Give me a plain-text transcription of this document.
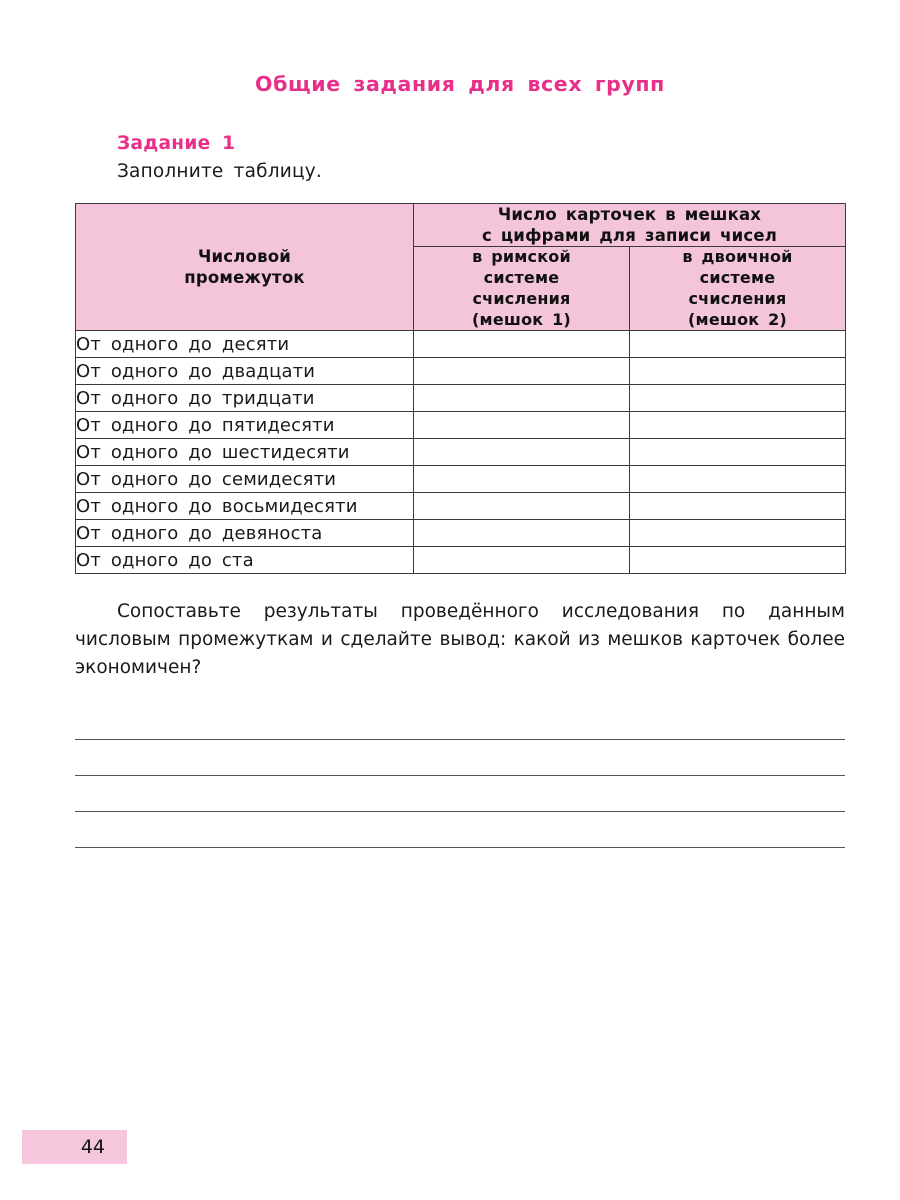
Общие задания для всех групп
Задание 1
Заполните таблицу.
Числовой
промежуток

Число карточек в мешках
с цифрами для записи чисел

в римской
системе
счисления
(мешок 1)

в двоичной
системе
счисления
(мешок 2)

От одного до десяти		
От одного до двадцати		
От одного до тридцати		
От одного до пятидесяти		
От одного до шестидесяти		
От одного до семидесяти		
От одного до восьмидесяти		
От одного до девяноста		
От одного до ста		
Сопоставьте результаты проведённого исследования по данным числовым промежуткам и сделайте вывод: какой из мешков карточек более экономичен?
44
